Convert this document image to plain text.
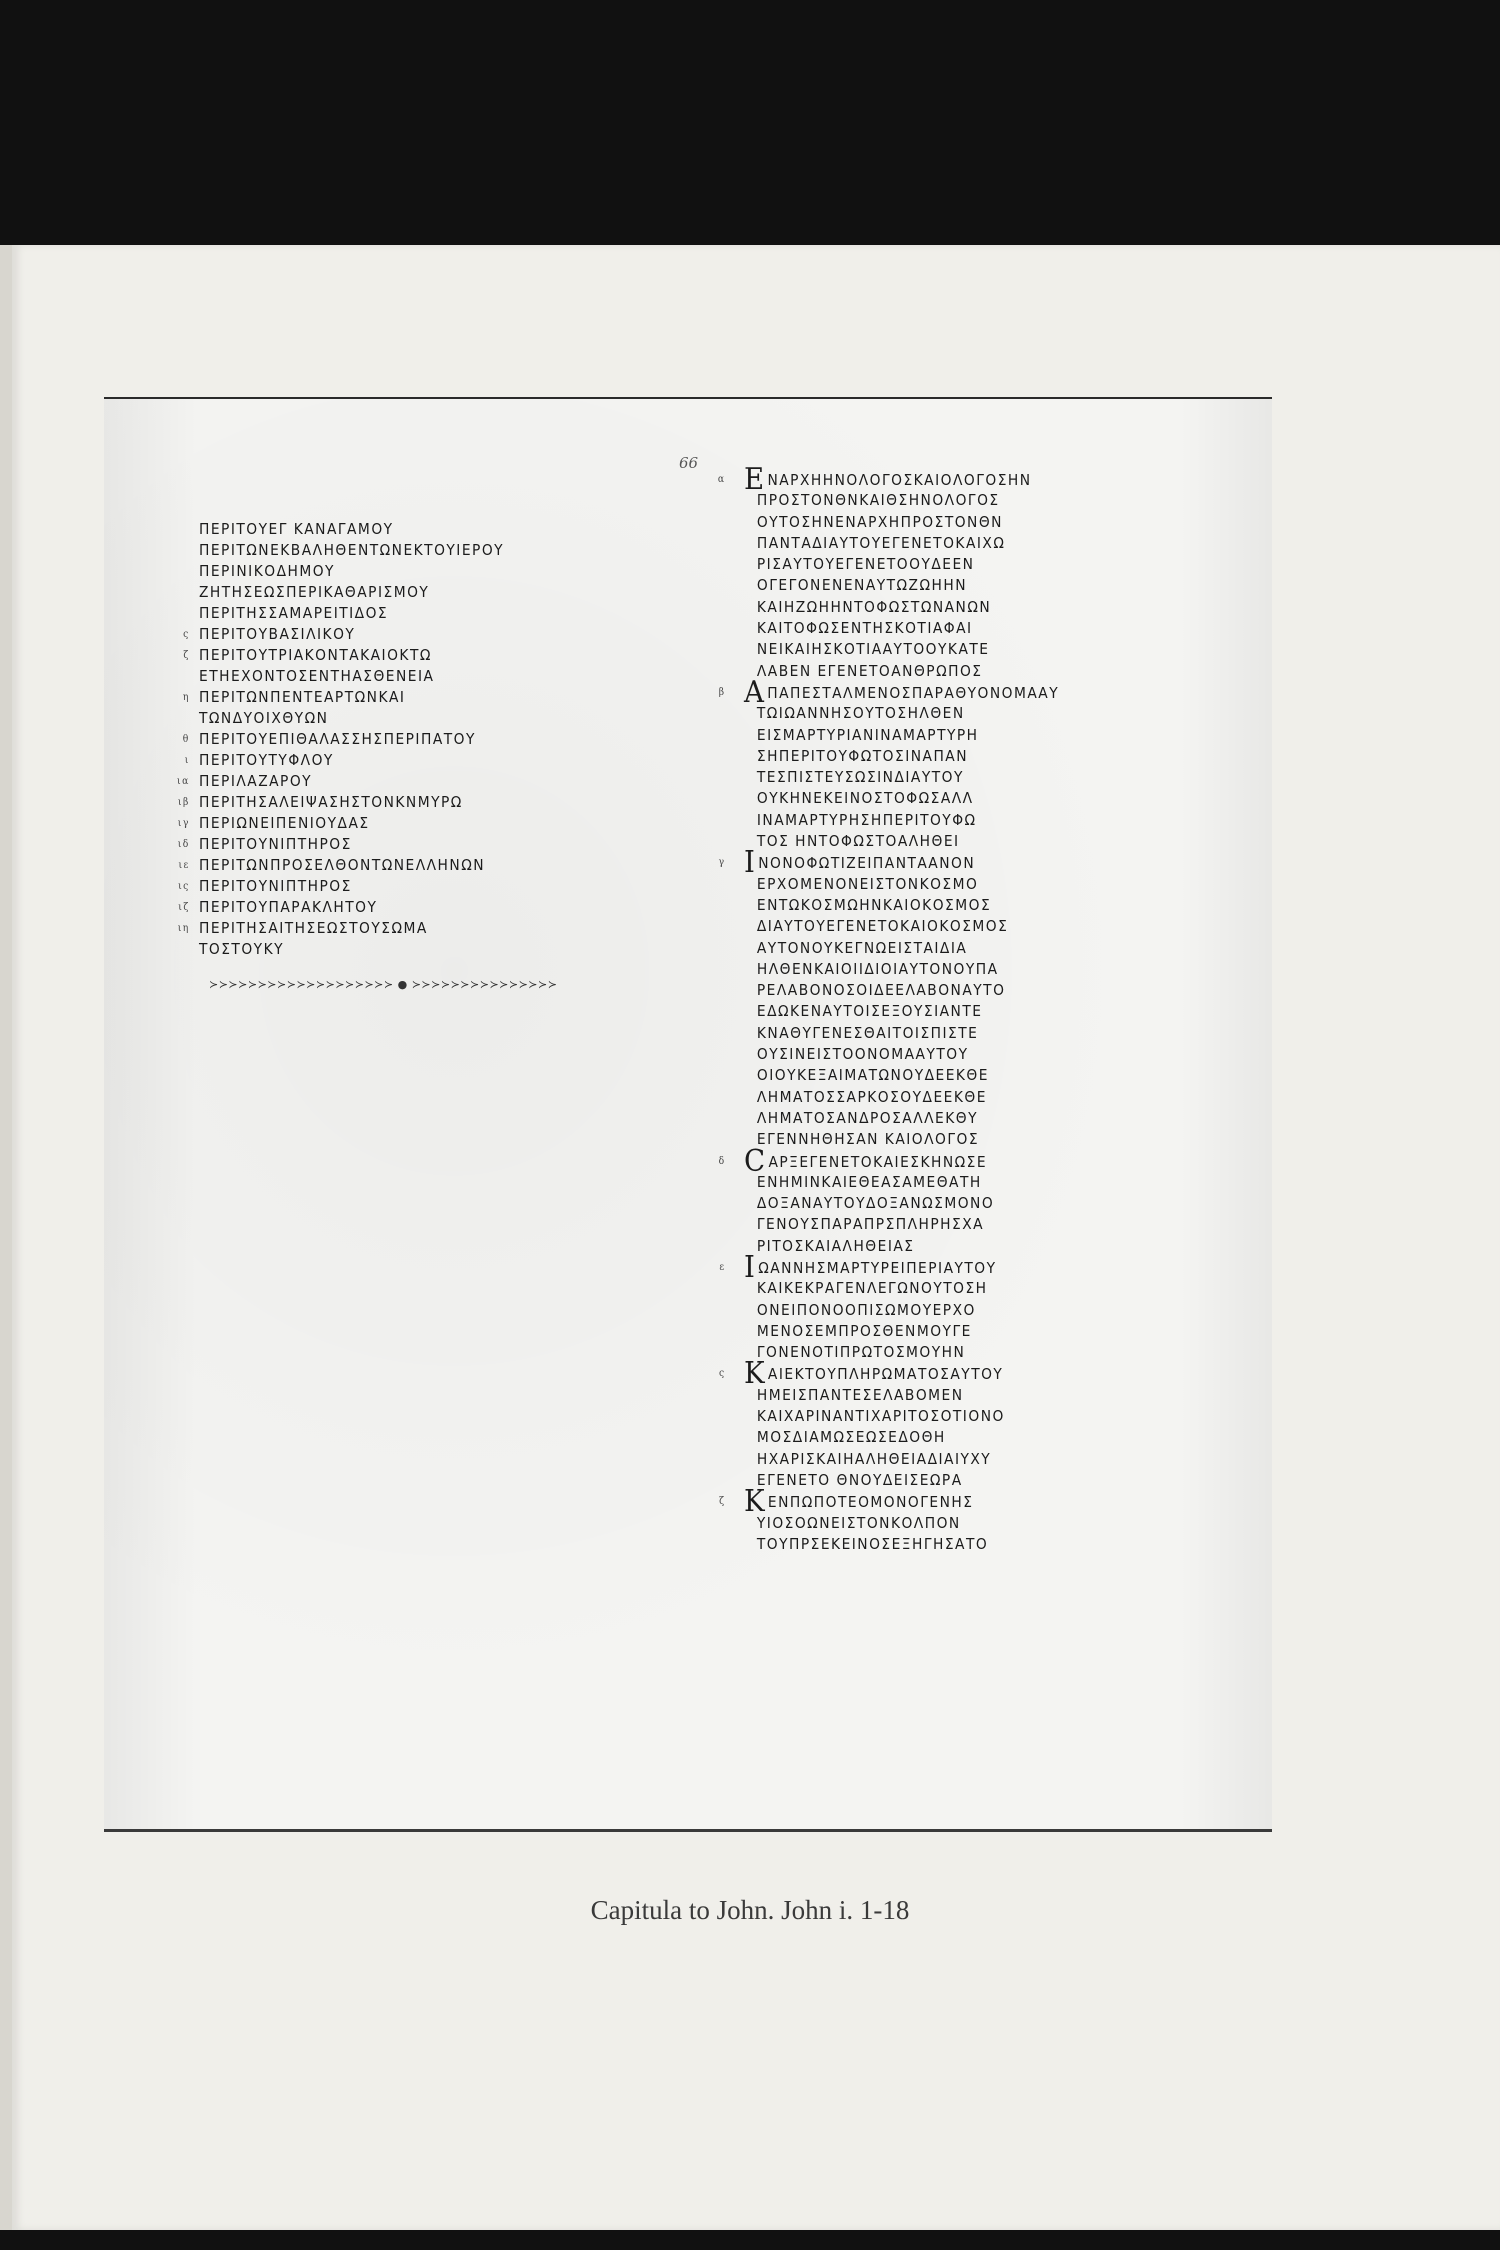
66
ΠΕΡΙΤΟΥΕΓ ΚΑΝΑΓΑΜΟΥ
ΠΕΡΙΤΩΝΕΚΒΑΛΗΘΕΝΤΩΝΕΚΤΟΥΙΕΡΟΥ
ΠΕΡΙΝΙΚΟΔΗΜΟΥ
ΖΗΤΗΣΕΩΣΠΕΡΙΚΑΘΑΡΙΣΜΟΥ
ΠΕΡΙΤΗΣΣΑΜΑΡΕΙΤΙΔΟΣ
ς ΠΕΡΙΤΟΥΒΑΣΙΛΙΚΟΥ
ζ ΠΕΡΙΤΟΥΤΡΙΑΚΟΝΤΑΚΑΙΟΚΤΩ
ΕΤΗΕΧΟΝΤΟΣΕΝΤΗΑΣΘΕΝΕΙΑ
η ΠΕΡΙΤΩΝΠΕΝΤΕΑΡΤΩΝΚΑΙ
ΤΩΝΔΥΟΙΧΘΥΩΝ
θ ΠΕΡΙΤΟΥΕΠΙΘΑΛΑΣΣΗΣΠΕΡΙΠΑΤΟΥ
ι ΠΕΡΙΤΟΥΤΥΦΛΟΥ
ια ΠΕΡΙΛΑΖΑΡΟΥ
ιβ ΠΕΡΙΤΗΣΑΛΕΙΨΑΣΗΣΤΟΝΚΝΜΥΡΩ
ιγ ΠΕΡΙΩΝΕΙΠΕΝΙΟΥΔΑΣ
ιδ ΠΕΡΙΤΟΥΝΙΠΤΗΡΟΣ
ιε ΠΕΡΙΤΩΝΠΡΟΣΕΛΘΟΝΤΩΝΕΛΛΗΝΩΝ
ις ΠΕΡΙΤΟΥΝΙΠΤΗΡΟΣ
ιζ ΠΕΡΙΤΟΥΠΑΡΑΚΛΗΤΟΥ
ιη ΠΕΡΙΤΗΣΑΙΤΗΣΕΩΣΤΟΥΣΩΜΑ
ΤΟΣΤΟΥΚΥ
≻≻≻≻≻≻≻≻≻≻≻≻≻≻≻≻≻≻≻ ● ≻≻≻≻≻≻≻≻≻≻≻≻≻≻≻
α Ε ΝΑΡΧΗΗΝΟΛΟΓΟΣΚΑΙΟΛΟΓΟΣΗΝ
ΠΡΟΣΤΟΝΘΝΚΑΙΘΣΗΝΟΛΟΓΟΣ
ΟΥΤΟΣΗΝΕΝΑΡΧΗΠΡΟΣΤΟΝΘΝ
ΠΑΝΤΑΔΙΑΥΤΟΥΕΓΕΝΕΤΟΚΑΙΧΩ
ΡΙΣΑΥΤΟΥΕΓΕΝΕΤΟΟΥΔΕΕΝ
ΟΓΕΓΟΝΕΝΕΝΑΥΤΩΖΩΗΗΝ
ΚΑΙΗΖΩΗΗΝΤΟΦΩΣΤΩΝΑΝΩΝ
ΚΑΙΤΟΦΩΣΕΝΤΗΣΚΟΤΙΑΦΑΙ
ΝΕΙΚΑΙΗΣΚΟΤΙΑΑΥΤΟΟΥΚΑΤΕ
ΛΑΒΕΝ ΕΓΕΝΕΤΟΑΝΘΡΩΠΟΣ
β Α ΠΑΠΕΣΤΑΛΜΕΝΟΣΠΑΡΑΘΥΟΝΟΜΑΑΥ
ΤΩΙΩΑΝΝΗΣΟΥΤΟΣΗΛΘΕΝ
ΕΙΣΜΑΡΤΥΡΙΑΝΙΝΑΜΑΡΤΥΡΗ
ΣΗΠΕΡΙΤΟΥΦΩΤΟΣΙΝΑΠΑΝ
ΤΕΣΠΙΣΤΕΥΣΩΣΙΝΔΙΑΥΤΟΥ
ΟΥΚΗΝΕΚΕΙΝΟΣΤΟΦΩΣΑΛΛ
ΙΝΑΜΑΡΤΥΡΗΣΗΠΕΡΙΤΟΥΦΩ
ΤΟΣ ΗΝΤΟΦΩΣΤΟΑΛΗΘΕΙ
γ Ι ΝΟΝΟΦΩΤΙΖΕΙΠΑΝΤΑΑΝΟΝ
ΕΡΧΟΜΕΝΟΝΕΙΣΤΟΝΚΟΣΜΟ
ΕΝΤΩΚΟΣΜΩΗΝΚΑΙΟΚΟΣΜΟΣ
ΔΙΑΥΤΟΥΕΓΕΝΕΤΟΚΑΙΟΚΟΣΜΟΣ
ΑΥΤΟΝΟΥΚΕΓΝΩΕΙΣΤΑΙΔΙΑ
ΗΛΘΕΝΚΑΙΟΙΙΔΙΟΙΑΥΤΟΝΟΥΠΑ
ΡΕΛΑΒΟΝΟΣΟΙΔΕΕΛΑΒΟΝΑΥΤΟ
ΕΔΩΚΕΝΑΥΤΟΙΣΕΞΟΥΣΙΑΝΤΕ
ΚΝΑΘΥΓΕΝΕΣΘΑΙΤΟΙΣΠΙΣΤΕ
ΟΥΣΙΝΕΙΣΤΟΟΝΟΜΑΑΥΤΟΥ
ΟΙΟΥΚΕΞΑΙΜΑΤΩΝΟΥΔΕΕΚΘΕ
ΛΗΜΑΤΟΣΣΑΡΚΟΣΟΥΔΕΕΚΘΕ
ΛΗΜΑΤΟΣΑΝΔΡΟΣΑΛΛΕΚΘΥ
ΕΓΕΝΝΗΘΗΣΑΝ ΚΑΙΟΛΟΓΟΣ
δ C ΑΡΞΕΓΕΝΕΤΟΚΑΙΕΣΚΗΝΩΣΕ
ΕΝΗΜΙΝΚΑΙΕΘΕΑΣΑΜΕΘΑΤΗ
ΔΟΞΑΝΑΥΤΟΥΔΟΞΑΝΩΣΜΟΝΟ
ΓΕΝΟΥΣΠΑΡΑΠΡΣΠΛΗΡΗΣΧΑ
ΡΙΤΟΣΚΑΙΑΛΗΘΕΙΑΣ
ε Ι ΩΑΝΝΗΣΜΑΡΤΥΡΕΙΠΕΡΙΑΥΤΟΥ
ΚΑΙΚΕΚΡΑΓΕΝΛΕΓΩΝΟΥΤΟΣΗ
ΟΝΕΙΠΟΝΟΟΠΙΣΩΜΟΥΕΡΧΟ
ΜΕΝΟΣΕΜΠΡΟΣΘΕΝΜΟΥΓΕ
ΓΟΝΕΝΟΤΙΠΡΩΤΟΣΜΟΥΗΝ
ς Κ ΑΙΕΚΤΟΥΠΛΗΡΩΜΑΤΟΣΑΥΤΟΥ
ΗΜΕΙΣΠΑΝΤΕΣΕΛΑΒΟΜΕΝ
ΚΑΙΧΑΡΙΝΑΝΤΙΧΑΡΙΤΟΣΟΤΙΟΝΟ
ΜΟΣΔΙΑΜΩΣΕΩΣΕΔΟΘΗ
ΗΧΑΡΙΣΚΑΙΗΑΛΗΘΕΙΑΔΙΑΙΥΧΥ
ΕΓΕΝΕΤΟ ΘΝΟΥΔΕΙΣΕΩΡΑ
ζ Κ ΕΝΠΩΠΟΤΕΟΜΟΝΟΓΕΝΗΣ
ΥΙΟΣΟΩΝΕΙΣΤΟΝΚΟΛΠΟΝ
ΤΟΥΠΡΣΕΚΕΙΝΟΣΕΞΗΓΗΣΑΤΟ
Capitula to John. John i. 1-18
